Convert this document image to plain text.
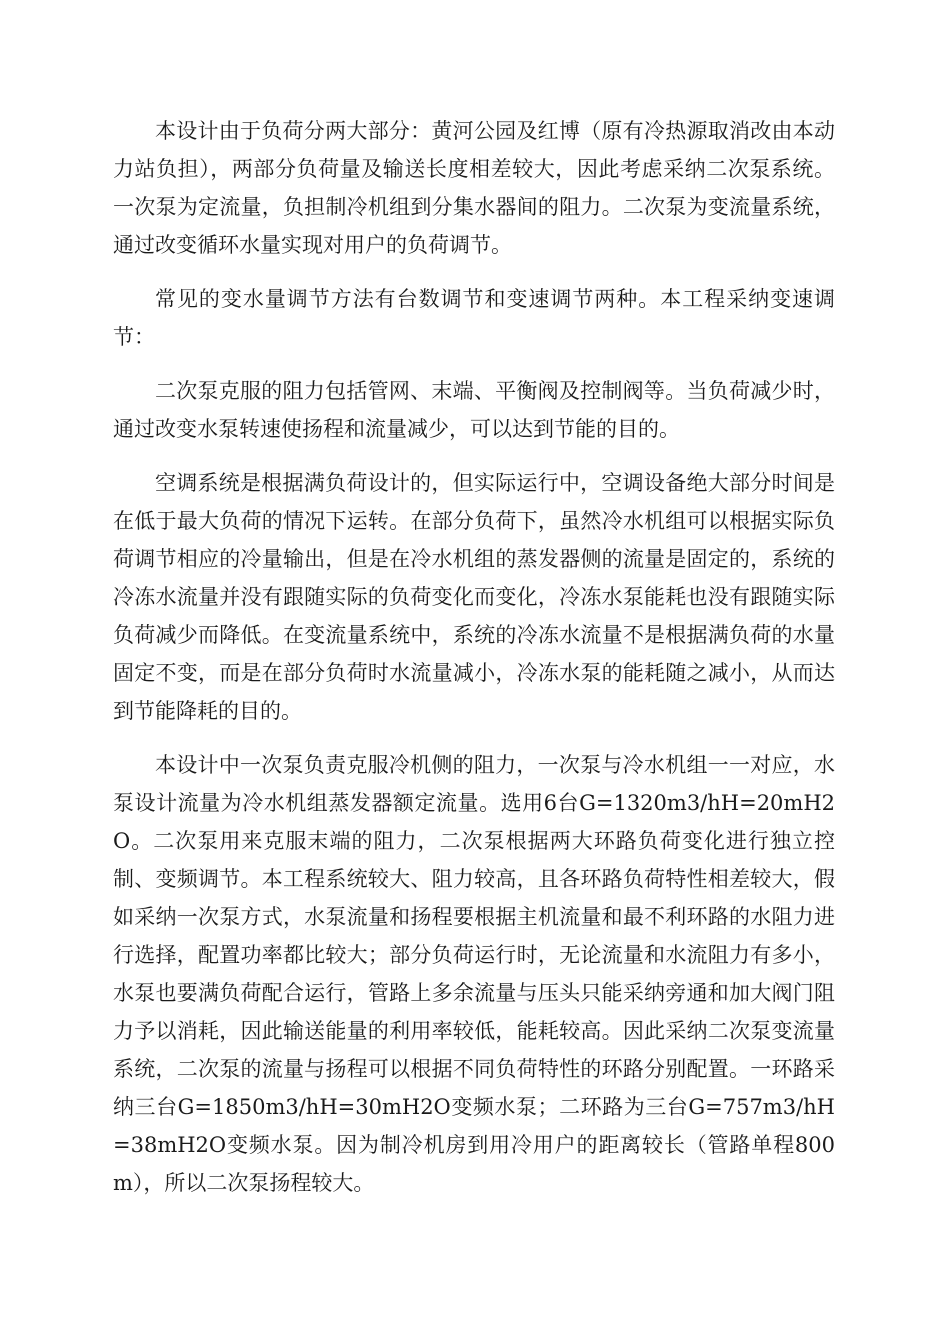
本设计由于负荷分两大部分：黄河公园及红博（原有冷热源取消改由本动力站负担），两部分负荷量及输送长度相差较大，因此考虑采纳二次泵系统。一次泵为定流量，负担制冷机组到分集水器间的阻力。二次泵为变流量系统，通过改变循环水量实现对用户的负荷调节。

常见的变水量调节方法有台数调节和变速调节两种。本工程采纳变速调节：

二次泵克服的阻力包括管网、末端、平衡阀及控制阀等。当负荷减少时，通过改变水泵转速使扬程和流量减少，可以达到节能的目的。

空调系统是根据满负荷设计的，但实际运行中，空调设备绝大部分时间是在低于最大负荷的情况下运转。在部分负荷下，虽然冷水机组可以根据实际负荷调节相应的冷量输出，但是在冷水机组的蒸发器侧的流量是固定的，系统的冷冻水流量并没有跟随实际的负荷变化而变化，冷冻水泵能耗也没有跟随实际负荷减少而降低。在变流量系统中，系统的冷冻水流量不是根据满负荷的水量固定不变，而是在部分负荷时水流量减小，冷冻水泵的能耗随之减小，从而达到节能降耗的目的。

本设计中一次泵负责克服冷机侧的阻力，一次泵与冷水机组一一对应，水泵设计流量为冷水机组蒸发器额定流量。选用6台G=1320m3/hH=20mH2O。二次泵用来克服末端的阻力，二次泵根据两大环路负荷变化进行独立控制、变频调节。本工程系统较大、阻力较高，且各环路负荷特性相差较大，假如采纳一次泵方式，水泵流量和扬程要根据主机流量和最不利环路的水阻力进行选择，配置功率都比较大；部分负荷运行时，无论流量和水流阻力有多小，水泵也要满负荷配合运行，管路上多余流量与压头只能采纳旁通和加大阀门阻力予以消耗，因此输送能量的利用率较低，能耗较高。因此采纳二次泵变流量系统，二次泵的流量与扬程可以根据不同负荷特性的环路分别配置。一环路采纳三台G=1850m3/hH=30mH2O变频水泵；二环路为三台G=757m3/hH=38mH2O变频水泵。因为制冷机房到用冷用户的距离较长（管路单程800m），所以二次泵扬程较大。
